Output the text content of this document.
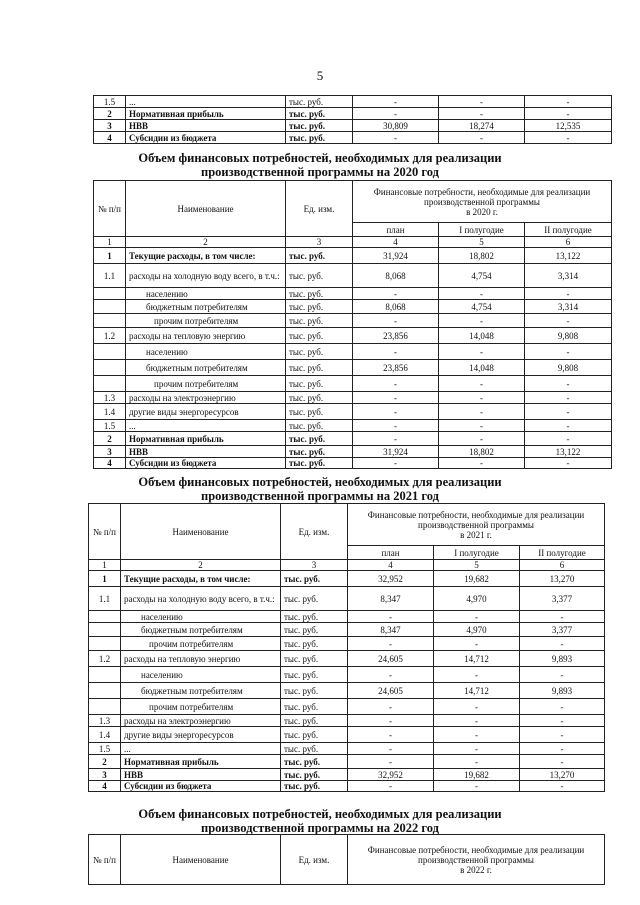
5
1.5	...	тыс. руб.	-	-	-
2	Нормативная прибыль	тыс. руб.	-	-	-
3	НВВ	тыс. руб.	30,809	18,274	12,535
4	Субсидии из бюджета	тыс. руб.	-	-	-
Объем финансовых потребностей, необходимых для реализации
производственной программы на 2020 год
№ п/п	Наименование	Ед. изм.	Финансовые потребности, необходимые для реализации производственной программы
в 2020 г.		
			план	I полугодие	II полугодие
1	2	3	4	5	6
1	Текущие расходы, в том числе:	тыс. руб.	31,924	18,802	13,122
1.1	расходы на холодную воду всего, в т.ч.:	тыс. руб.	8,068	4,754	3,314
	населению	тыс. руб.	-	-	-
	бюджетным потребителям	тыс. руб.	8,068	4,754	3,314
	прочим потребителям	тыс. руб.	-	-	-
1.2	расходы на тепловую энергию	тыс. руб.	23,856	14,048	9,808
	населению	тыс. руб.	-	-	-
	бюджетным потребителям	тыс. руб.	23,856	14,048	9,808
	прочим потребителям	тыс. руб.	-	-	-
1.3	расходы на электроэнергию	тыс. руб.	-	-	-
1.4	другие виды энергоресурсов	тыс. руб.	-	-	-
1.5	...	тыс. руб.	-	-	-
2	Нормативная прибыль	тыс. руб.	-	-	-
3	НВВ	тыс. руб.	31,924	18,802	13,122
4	Субсидии из бюджета	тыс. руб.	-	-	-
Объем финансовых потребностей, необходимых для реализации
производственной программы на 2021 год
№ п/п	Наименование	Ед. изм.	Финансовые потребности, необходимые для реализации производственной программы
в 2021 г.		
			план	I полугодие	II полугодие
1	2	3	4	5	6
1	Текущие расходы, в том числе:	тыс. руб.	32,952	19,682	13,270
1.1	расходы на холодную воду всего, в т.ч.:	тыс. руб.	8,347	4,970	3,377
	населению	тыс. руб.	-	-	-
	бюджетным потребителям	тыс. руб.	8,347	4,970	3,377
	прочим потребителям	тыс. руб.	-	-	-
1.2	расходы на тепловую энергию	тыс. руб.	24,605	14,712	9,893
	населению	тыс. руб.	-	-	-
	бюджетным потребителям	тыс. руб.	24,605	14,712	9,893
	прочим потребителям	тыс. руб.	-	-	-
1.3	расходы на электроэнергию	тыс. руб.	-	-	-
1.4	другие виды энергоресурсов	тыс. руб.	-	-	-
1.5	...	тыс. руб.	-	-	-
2	Нормативная прибыль	тыс. руб.	-	-	-
3	НВВ	тыс. руб.	32,952	19,682	13,270
4	Субсидии из бюджета	тыс. руб.	-	-	-
Объем финансовых потребностей, необходимых для реализации
производственной программы на 2022 год
№ п/п	Наименование	Ед. изм.	Финансовые потребности, необходимые для реализации производственной программы
в 2022 г.
